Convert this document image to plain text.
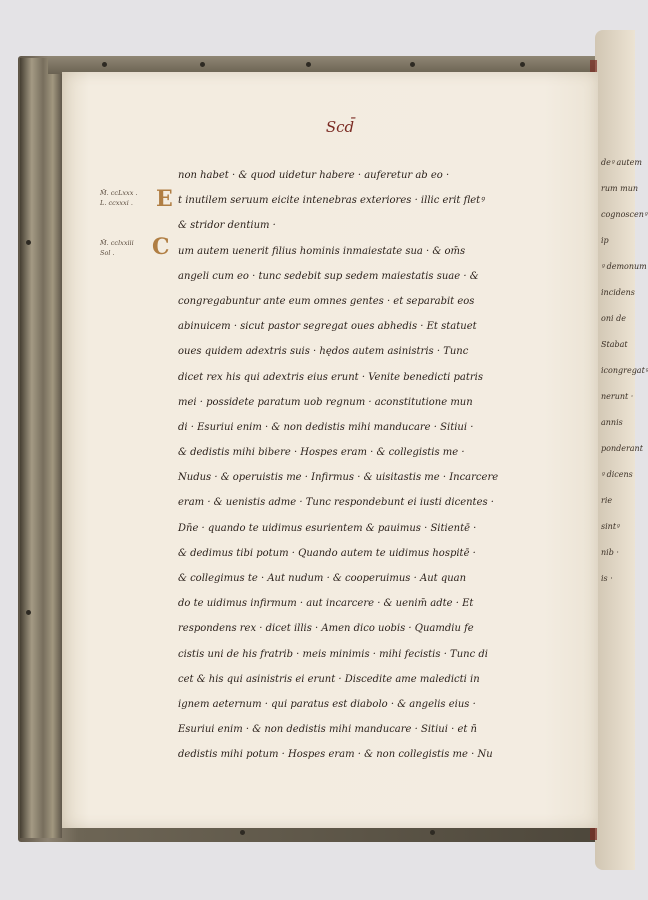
deꝰ autem
rum mun
cognoscenꝰ
ip
ꝰ demonum
incidens
oni de
Stabat
icongregatꝰ
nerunt ·
annis
ponderant
ꝰ dicens
rie
sintꝰ
nib ·
is ·
Scd̄
M̄. ccLxxx .
L. ccxxxi .
M̄. cclxxiii
Sol .
E
C
non habet · & quod uidetur habere · auferetur ab eo ·
t inutilem seruum eicite intenebras exteriores · illic erit fletꝰ
& stridor dentium ·
um autem uenerit filius hominis inmaiestate sua · & om̄s
angeli cum eo · tunc sedebit sup sedem maiestatis suae · &
congregabuntur ante eum omnes gentes · et separabit eos
abinuicem · sicut pastor segregat oues abhedis · Et statuet
oues quidem adextris suis · hędos autem asinistris · Tunc
dicet rex his qui adextris eius erunt · Venite benedicti patris
mei · possidete paratum uob regnum · aconstitutione mun
di · Esuriui enim · & non dedistis mihi manducare · Sitiui ·
& dedistis mihi bibere · Hospes eram · & collegistis me ·
Nudus · & operuistis me · Infirmus · & uisitastis me · Incarcere
eram · & uenistis adme · Tunc respondebunt ei iusti dicentes ·
Dn̄e · quando te uidimus esurientem & pauimus · Sitientē ·
& dedimus tibi potum · Quando autem te uidimus hospitē ·
& collegimus te · Aut nudum · & cooperuimus · Aut quan
do te uidimus infirmum · aut incarcere · & uenim̄ adte · Et
respondens rex · dicet illis · Amen dico uobis · Quamdiu fe
cistis uni de his fratrib · meis minimis · mihi fecistis · Tunc di
cet & his qui asinistris ei erunt · Discedite ame maledicti in
ignem aeternum · qui paratus est diabolo · & angelis eius ·
Esuriui enim · & non dedistis mihi manducare · Sitiui · et n̄
dedistis mihi potum · Hospes eram · & non collegistis me · Nu
